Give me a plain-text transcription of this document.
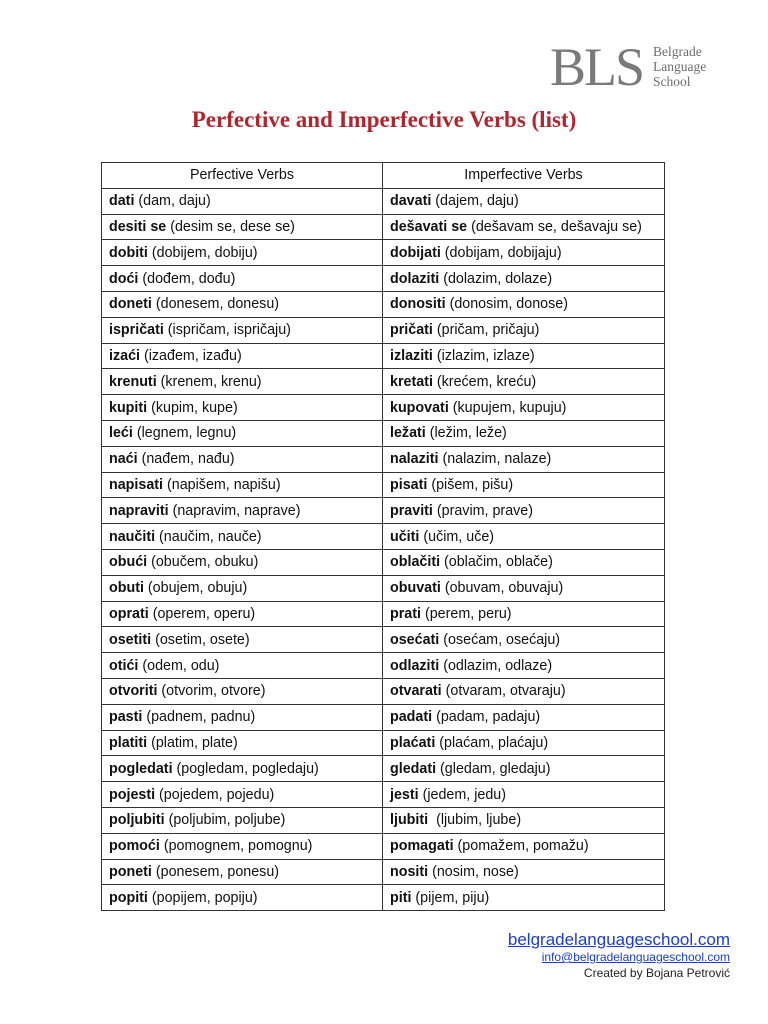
BLS Belgrade
Language
School
Perfective and Imperfective Verbs (list)
Perfective Verbs	Imperfective Verbs
dati (dam, daju)	davati (dajem, daju)
desiti se (desim se, dese se)	dešavati se (dešavam se, dešavaju se)
dobiti (dobijem, dobiju)	dobijati (dobijam, dobijaju)
doći (dođem, dođu)	dolaziti (dolazim, dolaze)
doneti (donesem, donesu)	donositi (donosim, donose)
ispričati (ispričam, ispričaju)	pričati (pričam, pričaju)
izaći (izađem, izađu)	izlaziti (izlazim, izlaze)
krenuti (krenem, krenu)	kretati (krećem, kreću)
kupiti (kupim, kupe)	kupovati (kupujem, kupuju)
leći (legnem, legnu)	ležati (ležim, leže)
naći (nađem, nađu)	nalaziti (nalazim, nalaze)
napisati (napišem, napišu)	pisati (pišem, pišu)
napraviti (napravim, naprave)	praviti (pravim, prave)
naučiti (naučim, nauče)	učiti (učim, uče)
obući (obučem, obuku)	oblačiti (oblačim, oblače)
obuti (obujem, obuju)	obuvati (obuvam, obuvaju)
oprati (operem, operu)	prati (perem, peru)
osetiti (osetim, osete)	osećati (osećam, osećaju)
otići (odem, odu)	odlaziti (odlazim, odlaze)
otvoriti (otvorim, otvore)	otvarati (otvaram, otvaraju)
pasti (padnem, padnu)	padati (padam, padaju)
platiti (platim, plate)	plaćati (plaćam, plaćaju)
pogledati (pogledam, pogledaju)	gledati (gledam, gledaju)
pojesti (pojedem, pojedu)	jesti (jedem, jedu)
poljubiti (poljubim, poljube)	ljubiti  (ljubim, ljube)
pomoći (pomognem, pomognu)	pomagati (pomažem, pomažu)
poneti (ponesem, ponesu)	nositi (nosim, nose)
popiti (popijem, popiju)	piti (pijem, piju)
belgradelanguageschool.com
info@belgradelanguageschool.com
Created by Bojana Petrović
